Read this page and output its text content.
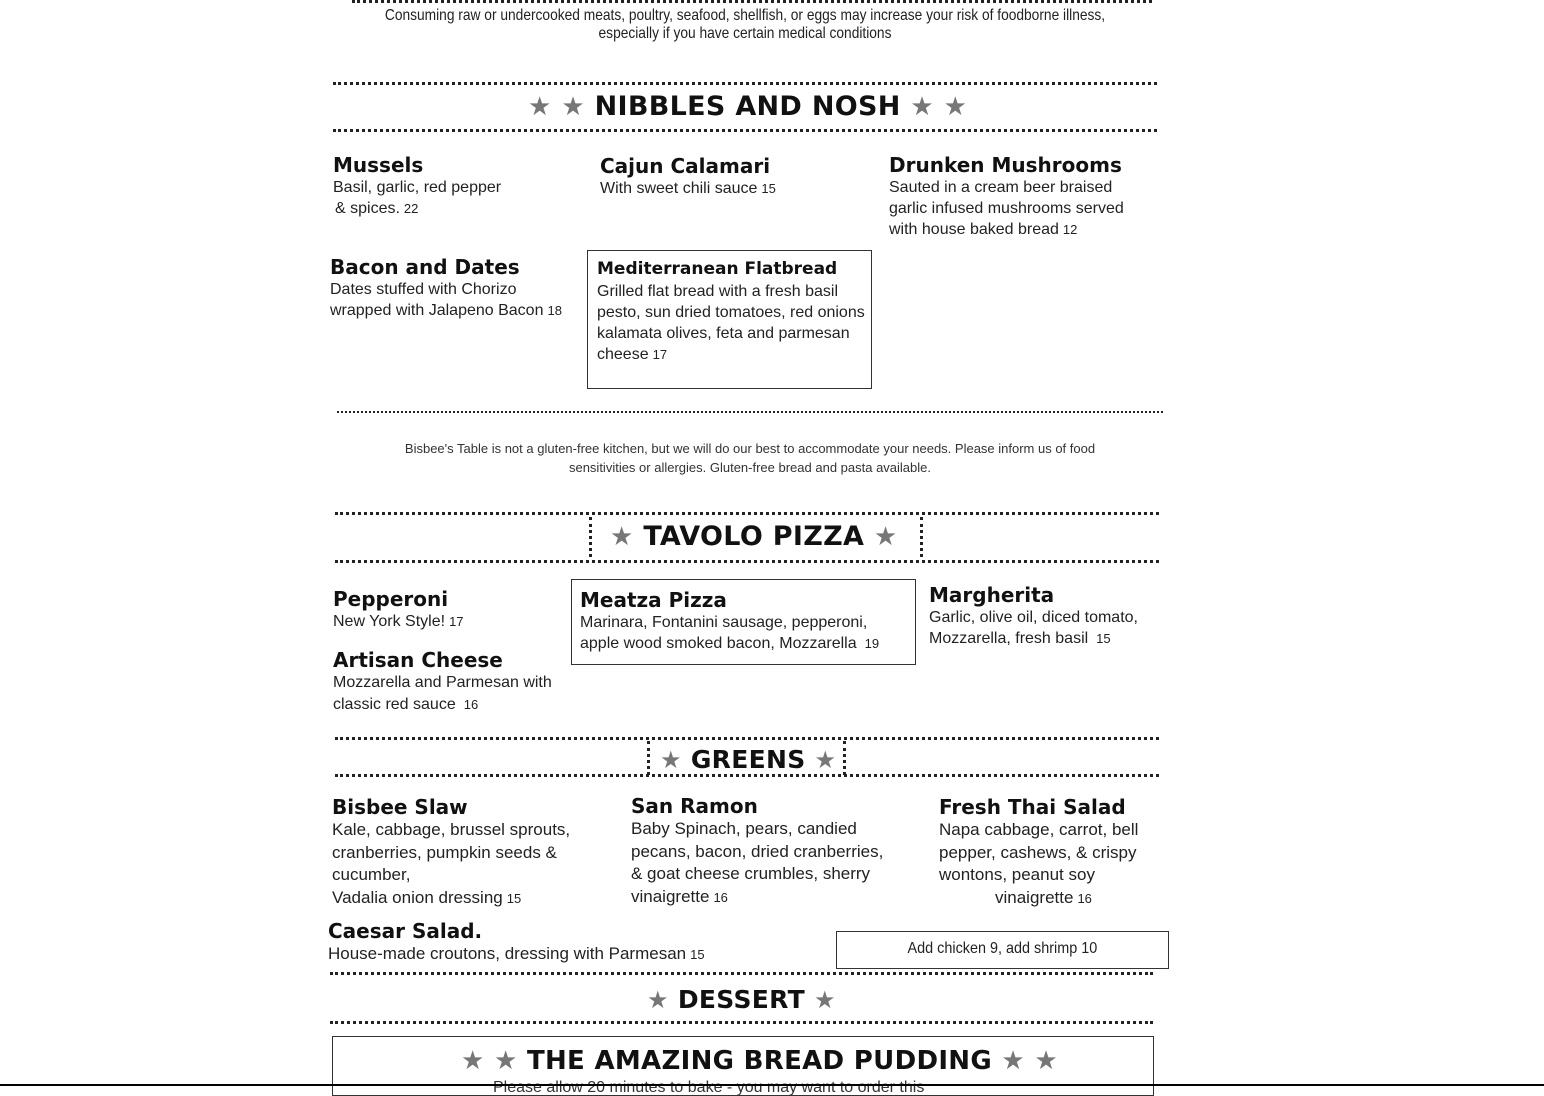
Consuming raw or undercooked meats, poultry, seafood, shellfish, or eggs may increase your risk of foodborne illness,
especially if you have certain medical conditions
★ ★ NIBBLES AND NOSH ★ ★
Mussels

Basil, garlic, red pepper

& spices. 22

Cajun Calamari

With sweet chili sauce 15

Drunken Mushrooms

Sauted in a cream beer braised garlic infused mushrooms served with house baked bread 12

Bacon and Dates

Dates stuffed with Chorizo wrapped with Jalapeno Bacon 18

Mediterranean Flatbread

Grilled flat bread with a fresh basil pesto, sun dried tomatoes, red onions kalamata olives, feta and parmesan cheese 17

Bisbee's Table is not a gluten-free kitchen, but we will do our best to accommodate your needs. Please inform us of food
sensitivities or allergies. Gluten-free bread and pasta available.
★ TAVOLO PIZZA ★
Pepperoni

New York Style! 17

Meatza Pizza

Marinara, Fontanini sausage, pepperoni, apple wood smoked bacon, Mozzarella 19

Margherita

Garlic, olive oil, diced tomato, Mozzarella, fresh basil 15

Artisan Cheese

Mozzarella and Parmesan with classic red sauce 16

★ GREENS ★
Bisbee Slaw

Kale, cabbage, brussel sprouts, cranberries, pumpkin seeds & cucumber,

Vadalia onion dressing 15

San Ramon

Baby Spinach, pears, candied pecans, bacon, dried cranberries, & goat cheese crumbles, sherry vinaigrette 16

Fresh Thai Salad

Napa cabbage, carrot, bell pepper, cashews, & crispy wontons, peanut soy

vinaigrette 16

Caesar Salad.

House-made croutons, dressing with Parmesan 15	Add chicken 9, add shrimp 10
★ DESSERT ★
★ ★ THE AMAZING BREAD PUDDING ★ ★
Please allow 20 minutes to bake - you may want to order this
